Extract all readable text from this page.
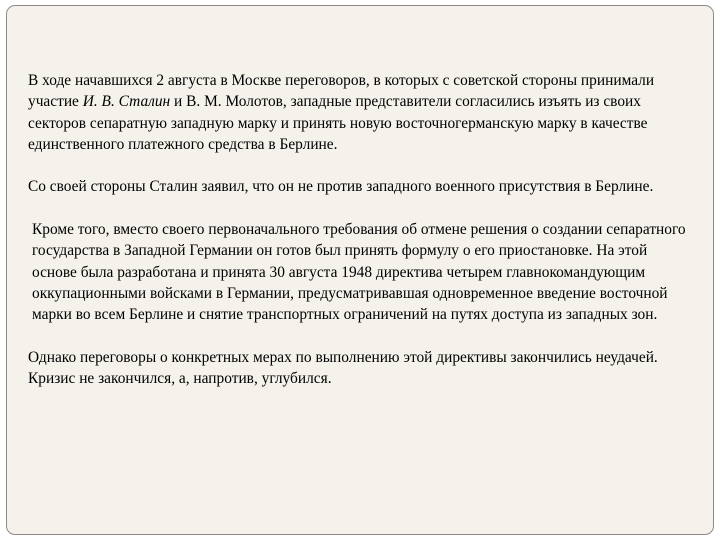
В ходе начавшихся 2 августа в Москве переговоров, в которых с советской стороны принимали участие И. В. Сталин и В. М. Молотов, западные представители согласились изъять из своих секторов сепаратную западную марку и принять новую восточногерманскую марку в качестве единственного платежного средства в Берлине.

Со своей стороны Сталин заявил, что он не против западного военного присутствия в Берлине.

Кроме того, вместо своего первоначального требования об отмене решения о создании сепаратного государства в Западной Германии он готов был принять формулу о его приостановке. На этой основе была разработана и принята 30 августа 1948 директива четырем главнокомандующим оккупационными войсками в Германии, предусматривавшая одновременное введение восточной марки во всем Берлине и снятие транспортных ограничений на путях доступа из западных зон.

Однако переговоры о конкретных мерах по выполнению этой директивы закончились неудачей. Кризис не закончился, а, напротив, углубился.
